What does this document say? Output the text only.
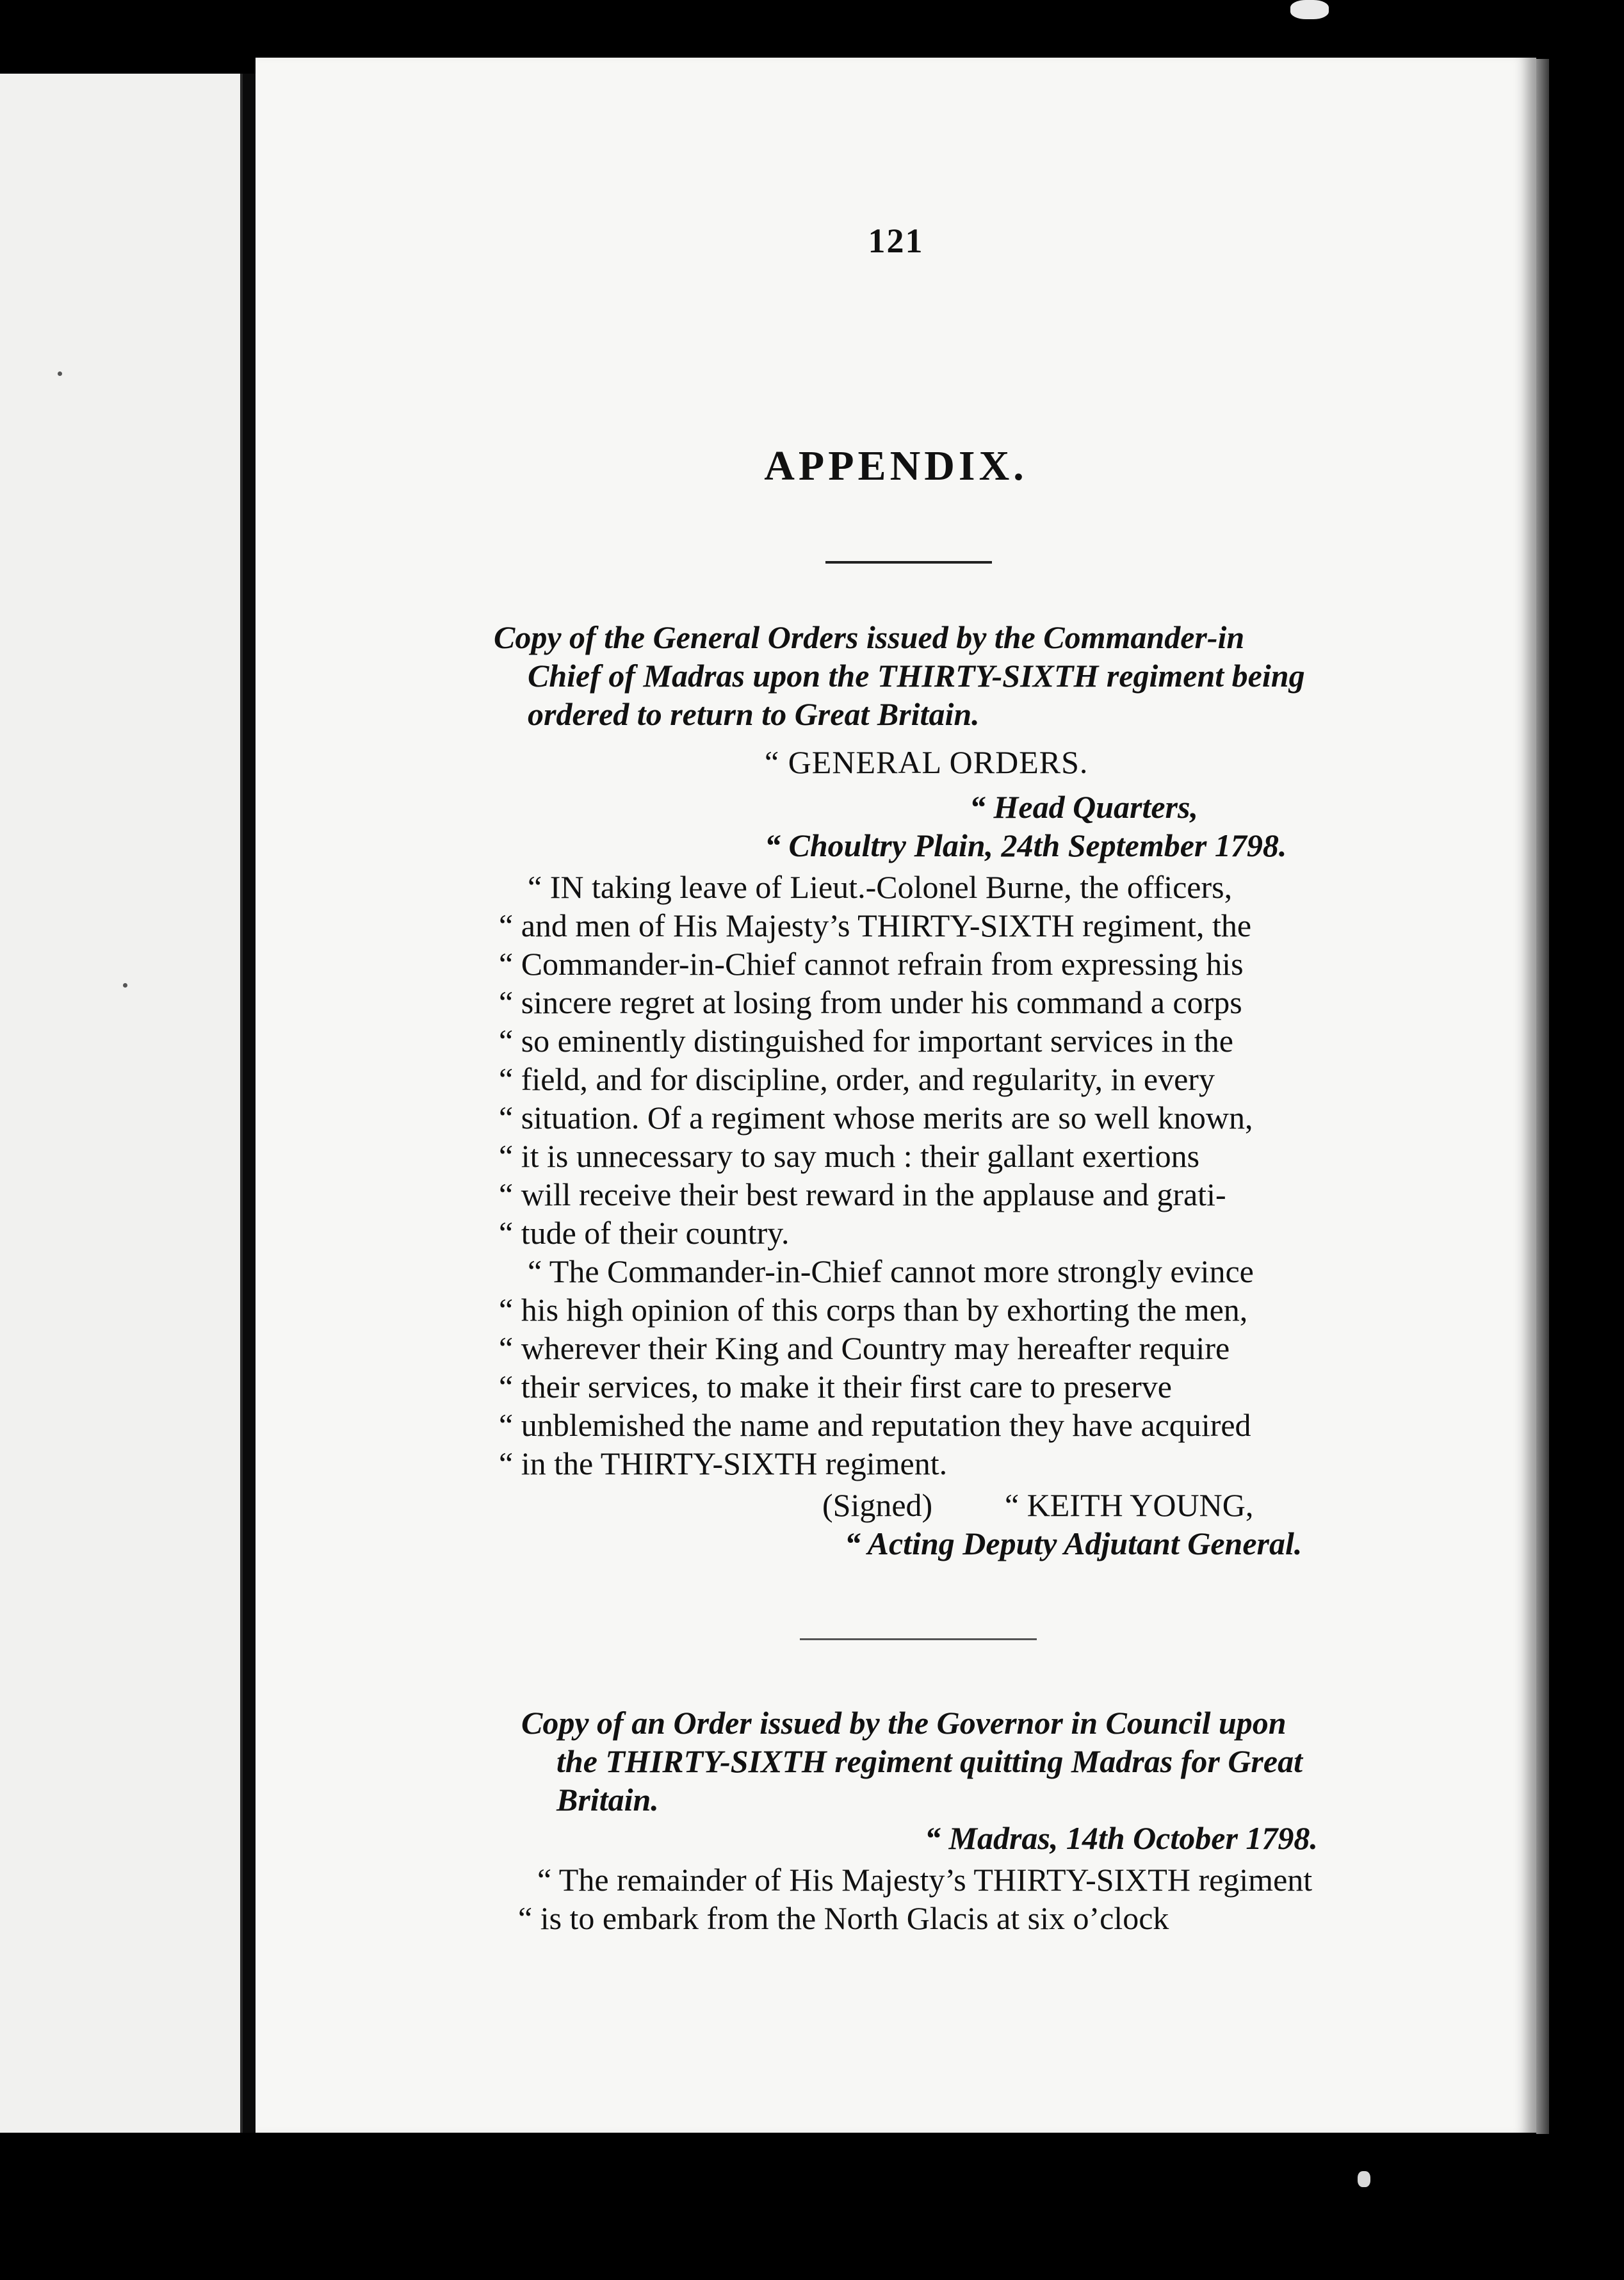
121
APPENDIX.
Copy of the General Orders issued by the Commander-in
Chief of Madras upon the THIRTY-SIXTH regiment being
ordered to return to Great Britain.
“ GENERAL ORDERS.
“ Head Quarters,
“ Choultry Plain, 24th September 1798.
“ IN taking leave of Lieut.-Colonel Burne, the officers,
“ and men of His Majesty’s THIRTY-SIXTH regiment, the
“ Commander-in-Chief cannot refrain from expressing his
“ sincere regret at losing from under his command a corps
“ so eminently distinguished for important services in the
“ field, and for discipline, order, and regularity, in every
“ situation. Of a regiment whose merits are so well known,
“ it is unnecessary to say much : their gallant exertions
“ will receive their best reward in the applause and grati-
“ tude of their country.
“ The Commander-in-Chief cannot more strongly evince
“ his high opinion of this corps than by exhorting the men,
“ wherever their King and Country may hereafter require
“ their services, to make it their first care to preserve
“ unblemished the name and reputation they have acquired
“ in the THIRTY-SIXTH regiment.
(Signed) “ KEITH YOUNG,
“ Acting Deputy Adjutant General.
Copy of an Order issued by the Governor in Council upon
the THIRTY-SIXTH regiment quitting Madras for Great
Britain.
“ Madras, 14th October 1798.
“ The remainder of His Majesty’s THIRTY-SIXTH regiment
“ is to embark from the North Glacis at six o’clock
